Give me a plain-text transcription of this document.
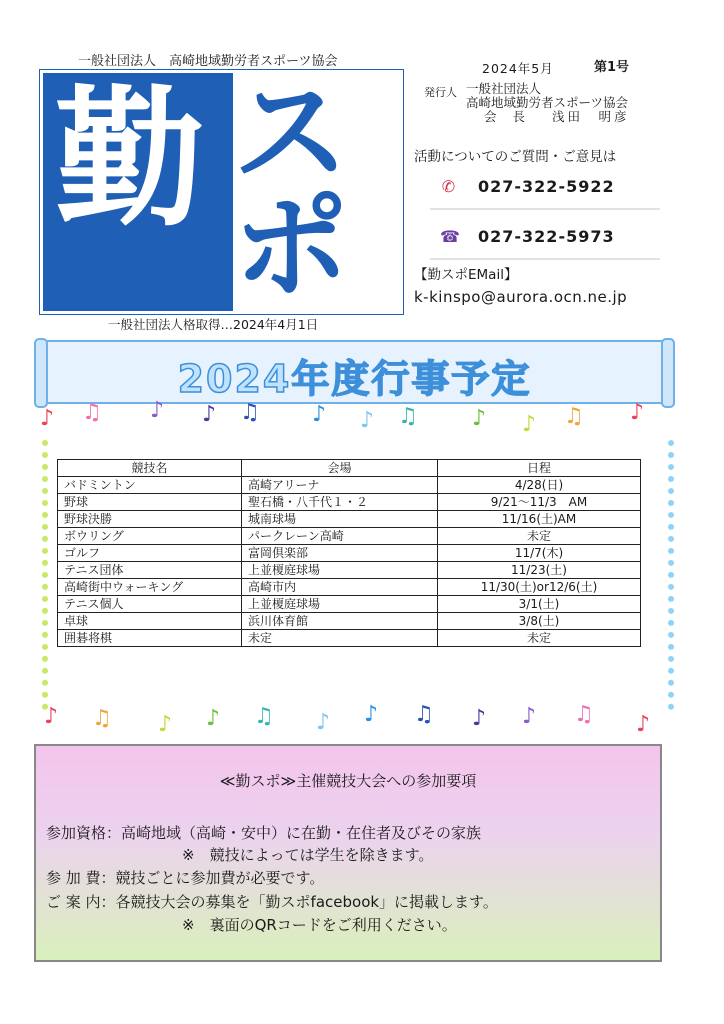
一般社団法人　高崎地域勤労者スポーツ協会
勤 ス
ポ
一般社団法人格取得…2024年4月1日
2024年5月	第1号
発行人 一般社団法人
高崎地域勤労者スポーツ協会
会 長 浅田　明彦
活動についてのご質問・ご意見は
✆ 027-322-5922
☎ 027-322-5973
【勤スポEMail】
k-kinspo@aurora.ocn.ne.jp
2024年度行事予定
♪ ♫ ♪ ♪ ♫ ♪ ♪ ♫ ♪ ♪ ♫ ♪
競技名	会場	日程
バドミントン	高崎アリーナ	4/28(日)
野球	聖石橋・八千代１・２	9/21～11/3　AM
野球決勝	城南球場	11/16(土)AM
ボウリング	パークレーン高崎	未定
ゴルフ	富岡倶楽部	11/7(木)
テニス団体	上並榎庭球場	11/23(土)
高崎街中ウォーキング	高崎市内	11/30(土)or12/6(土)
テニス個人	上並榎庭球場	3/1(土)
卓球	浜川体育館	3/8(土)
囲碁将棋	未定	未定
♪ ♫ ♪ ♪ ♫ ♪ ♪ ♫ ♪ ♪ ♫ ♪
≪勤スポ≫主催競技大会への参加要項
参加資格：高崎地域（高崎・安中）に在勤・在住者及びその家族
※　競技によっては学生を除きます。
参 加 費：競技ごとに参加費が必要です。
ご 案 内：各競技大会の募集を「勤スポfacebook」に掲載します。
※　裏面のQRコードをご利用ください。
